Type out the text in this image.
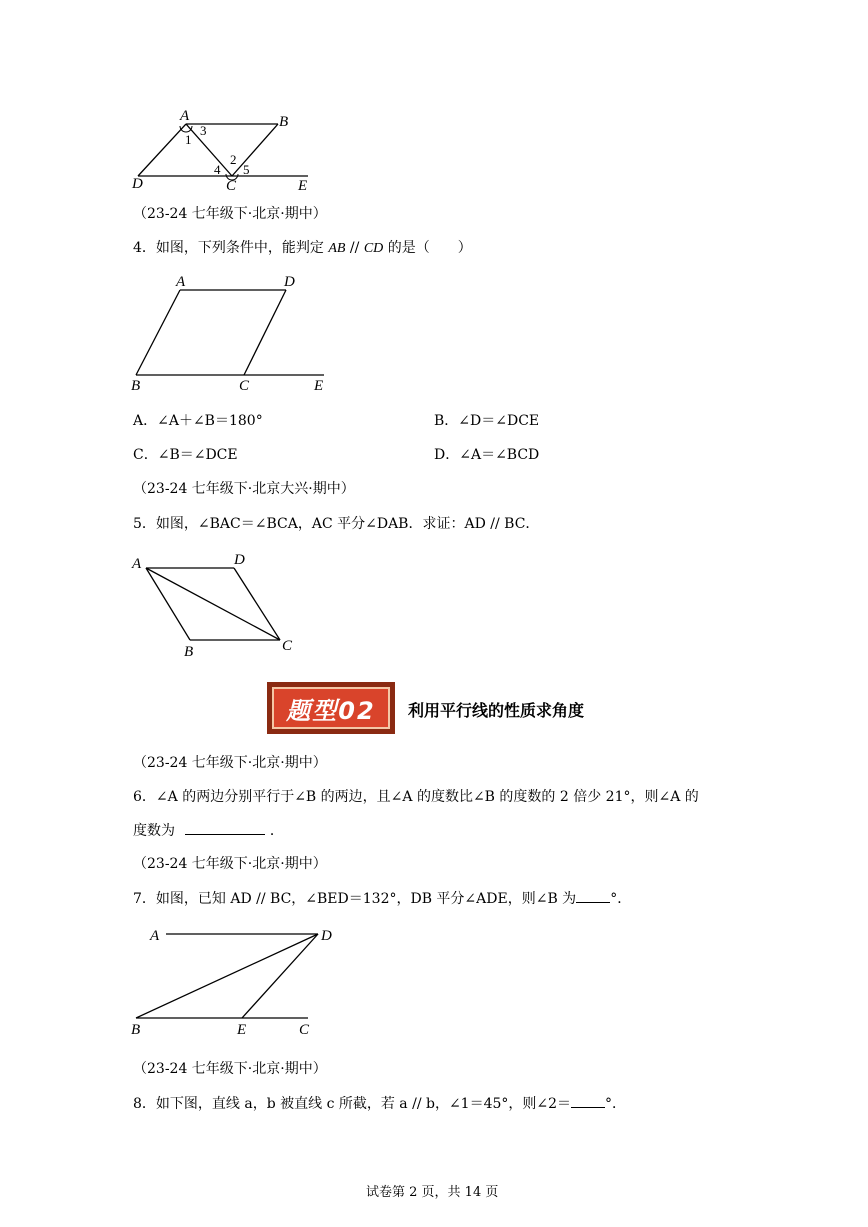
A	B
D	C	E
1
3
2
4 5
（23-24 七年级下·北京·期中）
4．如图，下列条件中，能判定 AB // CD 的是（　　）
A	D
B	C	E
A．∠A＋∠B＝180°	B．∠D＝∠DCE
C．∠B＝∠DCE	D．∠A＝∠BCD
（23-24 七年级下·北京大兴·期中）
5．如图，∠BAC＝∠BCA，AC 平分∠DAB．求证：AD // BC．
A	D
B	C
题型02 利用平行线的性质求角度
（23-24 七年级下·北京·期中）
6．∠A 的两边分别平行于∠B 的两边，且∠A 的度数比∠B 的度数的 2 倍少 21°，则∠A 的
度数为	．
（23-24 七年级下·北京·期中）
7．如图，已知 AD // BC，∠BED＝132°，DB 平分∠ADE，则∠B 为 °．
A	D
B	E	C
（23-24 七年级下·北京·期中）
8．如下图，直线 a，b 被直线 c 所截，若 a // b，∠1＝45°，则∠2＝ °．
试卷第 2 页，共 14 页
